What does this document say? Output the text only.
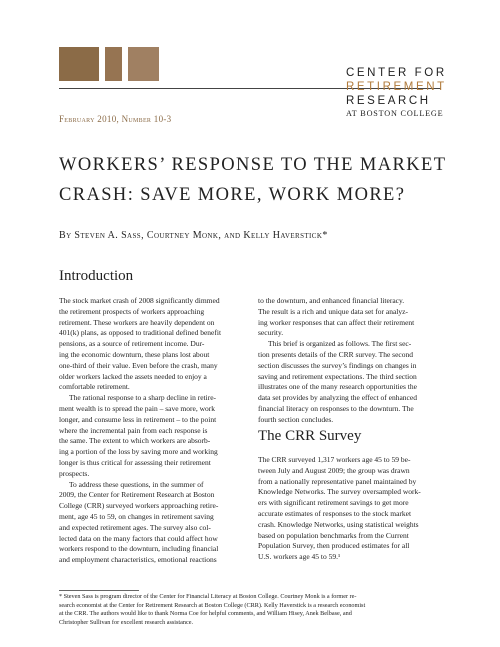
CENTER FOR
RETIREMENT
RESEARCH
AT BOSTON COLLEGE
February 2010, Number 10-3
WORKERS’ RESPONSE TO THE MARKET
CRASH: SAVE MORE, WORK MORE?
By Steven A. Sass, Courtney Monk, and Kelly Haverstick*
Introduction

The stock market crash of 2008 significantly dimmed
the retirement prospects of workers approaching
retirement. These workers are heavily dependent on
401(k) plans, as opposed to traditional defined benefit
pensions, as a source of retirement income. Dur-
ing the economic downturn, these plans lost about
one-third of their value. Even before the crash, many
older workers lacked the assets needed to enjoy a
comfortable retirement.

The rational response to a sharp decline in retire-
ment wealth is to spread the pain – save more, work
longer, and consume less in retirement – to the point
where the incremental pain from each response is
the same. The extent to which workers are absorb-
ing a portion of the loss by saving more and working
longer is thus critical for assessing their retirement
prospects.

To address these questions, in the summer of
2009, the Center for Retirement Research at Boston
College (CRR) surveyed workers approaching retire-
ment, age 45 to 59, on changes in retirement saving
and expected retirement ages. The survey also col-
lected data on the many factors that could affect how
workers respond to the downturn, including financial
and employment characteristics, emotional reactions

to the downturn, and enhanced financial literacy.
The result is a rich and unique data set for analyz-
ing worker responses that can affect their retirement
security.

This brief is organized as follows. The first sec-
tion presents details of the CRR survey. The second
section discusses the survey’s findings on changes in
saving and retirement expectations. The third section
illustrates one of the many research opportunities the
data set provides by analyzing the effect of enhanced
financial literacy on responses to the downturn. The
fourth section concludes.

The CRR Survey

The CRR surveyed 1,317 workers age 45 to 59 be-
tween July and August 2009; the group was drawn
from a nationally representative panel maintained by
Knowledge Networks. The survey oversampled work-
ers with significant retirement savings to get more
accurate estimates of responses to the stock market
crash. Knowledge Networks, using statistical weights
based on population benchmarks from the Current
Population Survey, then produced estimates for all
U.S. workers age 45 to 59.¹

* Steven Sass is program director of the Center for Financial Literacy at Boston College. Courtney Monk is a former re-
search economist at the Center for Retirement Research at Boston College (CRR). Kelly Haverstick is a research economist
at the CRR. The authors would like to thank Norma Coe for helpful comments, and William Hisey, Anek Belbase, and
Christopher Sullivan for excellent research assistance.
